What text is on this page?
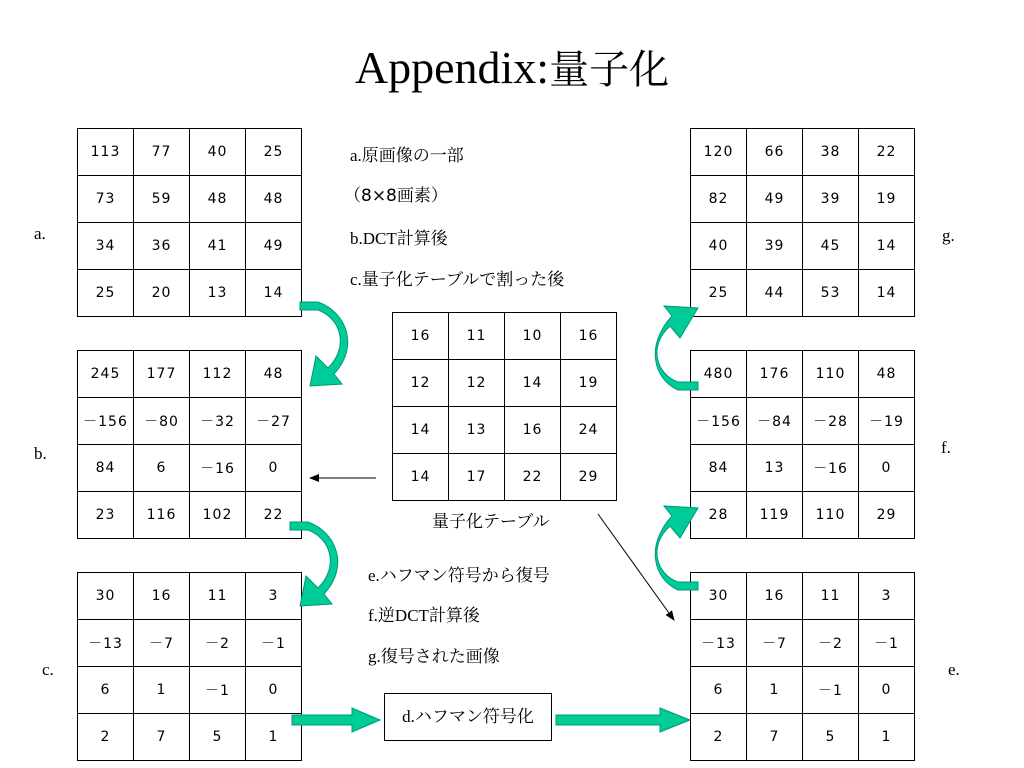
Appendix:量子化
a.
b.
c.
g.
f.
e.
113	77	40	25
73	59	48	48
34	36	41	49
25	20	13	14
245	177	112	48
－156	－80	－32	－27
84	6	－16	0
23	116	102	22
30	16	11	3
－13	－7	－2	－1
6	1	－1	0
2	7	5	1
16	11	10	16
12	12	14	19
14	13	16	24
14	17	22	29
120	66	38	22
82	49	39	19
40	39	45	14
25	44	53	14
480	176	110	48
－156	－84	－28	－19
84	13	－16	0
28	119	110	29
30	16	11	3
－13	－7	－2	－1
6	1	－1	0
2	7	5	1
a.原画像の一部
（8×8画素）
b.DCT計算後
c.量子化テーブルで割った後
e.ハフマン符号から復号
f.逆DCT計算後
g.復号された画像
量子化テーブル
d.ハフマン符号化
